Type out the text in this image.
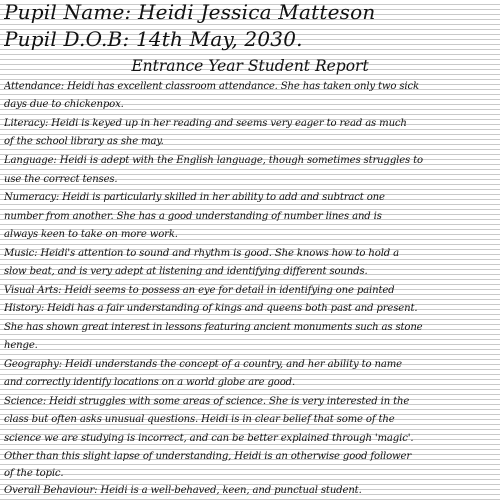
Pupil Name: Heidi Jessica Matteson
Pupil D.O.B: 14th May, 2030.
Entrance Year Student Report
Attendance: Heidi has excellent classroom attendance. She has taken only two sick
days due to chickenpox.
Literacy: Heidi is keyed up in her reading and seems very eager to read as much
of the school library as she may.
Language: Heidi is adept with the English language, though sometimes struggles to
use the correct tenses.
Numeracy: Heidi is particularly skilled in her ability to add and subtract one
number from another. She has a good understanding of number lines and is
always keen to take on more work.
Music: Heidi's attention to sound and rhythm is good. She knows how to hold a
slow beat, and is very adept at listening and identifying different sounds.
Visual Arts: Heidi seems to possess an eye for detail in identifying one painted
History: Heidi has a fair understanding of kings and queens both past and present.
She has shown great interest in lessons featuring ancient monuments such as stone
henge.
Geography: Heidi understands the concept of a country, and her ability to name
and correctly identify locations on a world globe are good.
Science: Heidi struggles with some areas of science. She is very interested in the
class but often asks unusual questions. Heidi is in clear belief that some of the
science we are studying is incorrect, and can be better explained through 'magic'.
Other than this slight lapse of understanding, Heidi is an otherwise good follower
of the topic.
Overall Behaviour: Heidi is a well-behaved, keen, and punctual student.
